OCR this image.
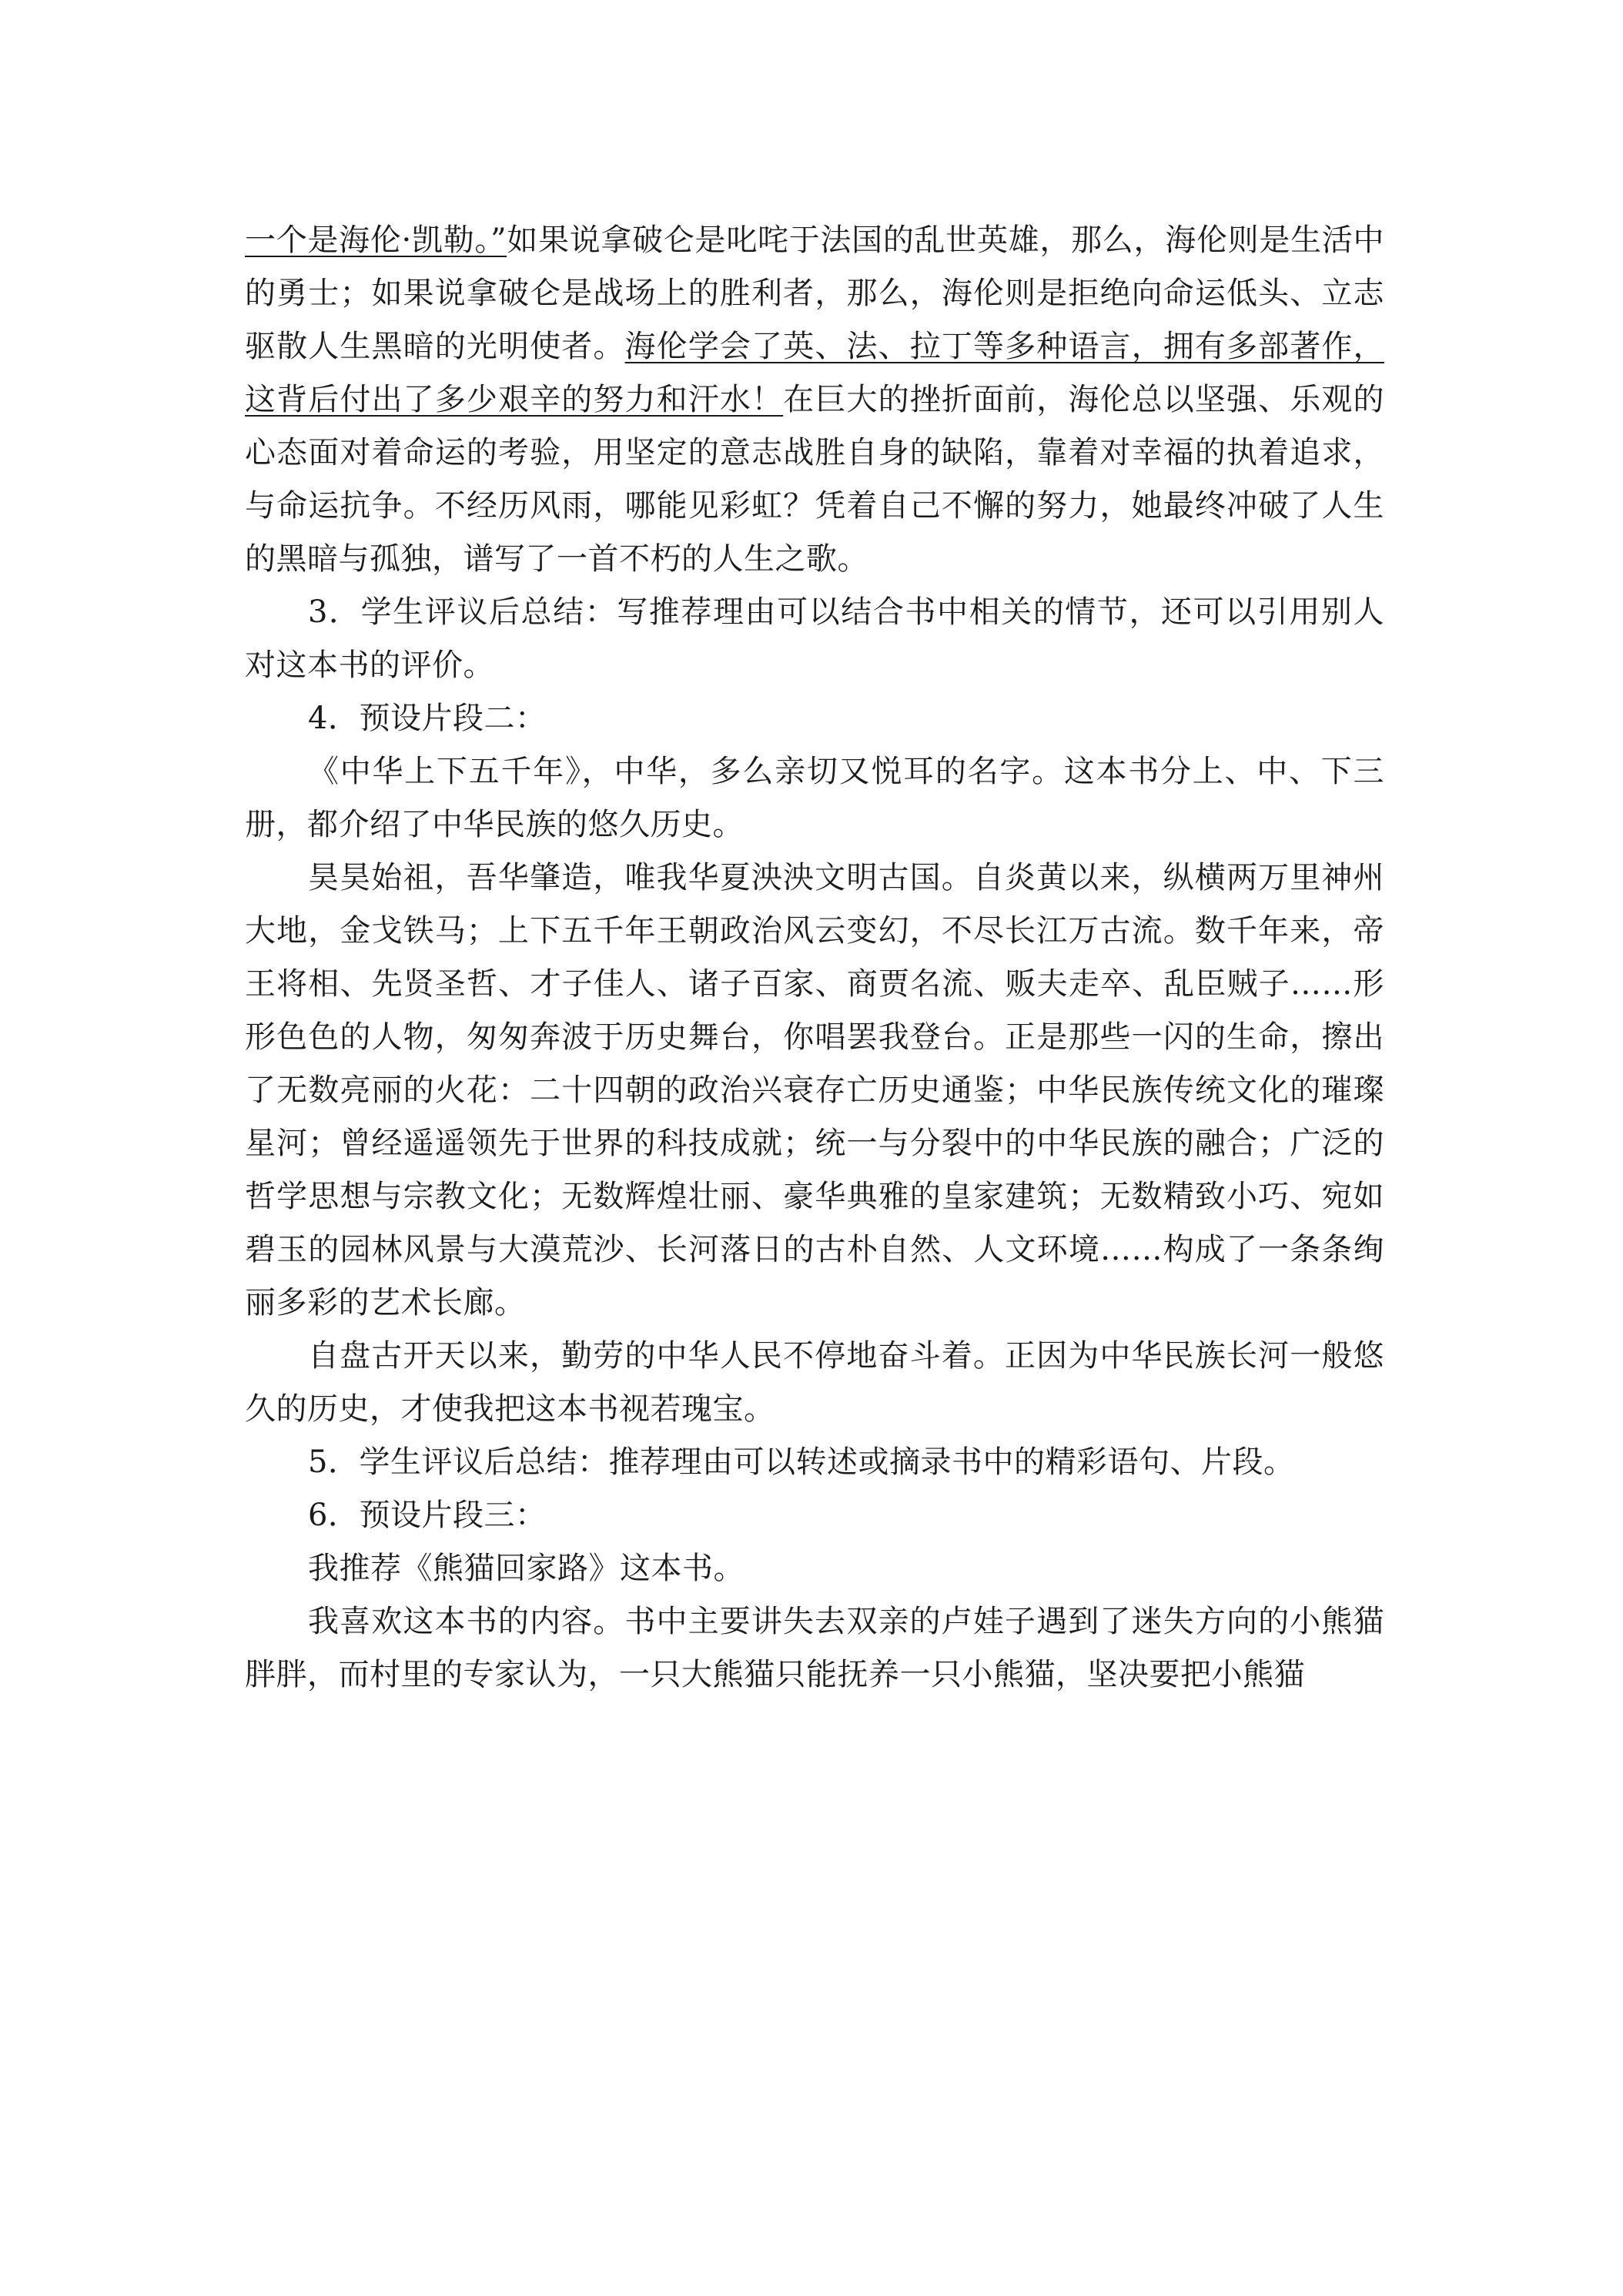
一个是海伦·凯勒。”如果说拿破仑是叱咤于法国的乱世英雄，那么，海伦则是生活中的勇士；如果说拿破仑是战场上的胜利者，那么，海伦则是拒绝向命运低头、立志驱散人生黑暗的光明使者。海伦学会了英、法、拉丁等多种语言，拥有多部著作，这背后付出了多少艰辛的努力和汗水！在巨大的挫折面前，海伦总以坚强、乐观的心态面对着命运的考验，用坚定的意志战胜自身的缺陷，靠着对幸福的执着追求，与命运抗争。不经历风雨，哪能见彩虹？凭着自己不懈的努力，她最终冲破了人生的黑暗与孤独，谱写了一首不朽的人生之歌。

3．学生评议后总结：写推荐理由可以结合书中相关的情节，还可以引用别人对这本书的评价。

4．预设片段二：

《中华上下五千年》，中华，多么亲切又悦耳的名字。这本书分上、中、下三册，都介绍了中华民族的悠久历史。

昊昊始祖，吾华肇造，唯我华夏泱泱文明古国。自炎黄以来，纵横两万里神州大地，金戈铁马；上下五千年王朝政治风云变幻，不尽长江万古流。数千年来，帝王将相、先贤圣哲、才子佳人、诸子百家、商贾名流、贩夫走卒、乱臣贼子……形形色色的人物，匆匆奔波于历史舞台，你唱罢我登台。正是那些一闪的生命，擦出了无数亮丽的火花：二十四朝的政治兴衰存亡历史通鉴；中华民族传统文化的璀璨星河；曾经遥遥领先于世界的科技成就；统一与分裂中的中华民族的融合；广泛的哲学思想与宗教文化；无数辉煌壮丽、豪华典雅的皇家建筑；无数精致小巧、宛如碧玉的园林风景与大漠荒沙、长河落日的古朴自然、人文环境……构成了一条条绚丽多彩的艺术长廊。

自盘古开天以来，勤劳的中华人民不停地奋斗着。正因为中华民族长河一般悠久的历史，才使我把这本书视若瑰宝。

5．学生评议后总结：推荐理由可以转述或摘录书中的精彩语句、片段。

6．预设片段三：

我推荐《熊猫回家路》这本书。

我喜欢这本书的内容。书中主要讲失去双亲的卢娃子遇到了迷失方向的小熊猫胖胖，而村里的专家认为，一只大熊猫只能抚养一只小熊猫，坚决要把小熊猫
